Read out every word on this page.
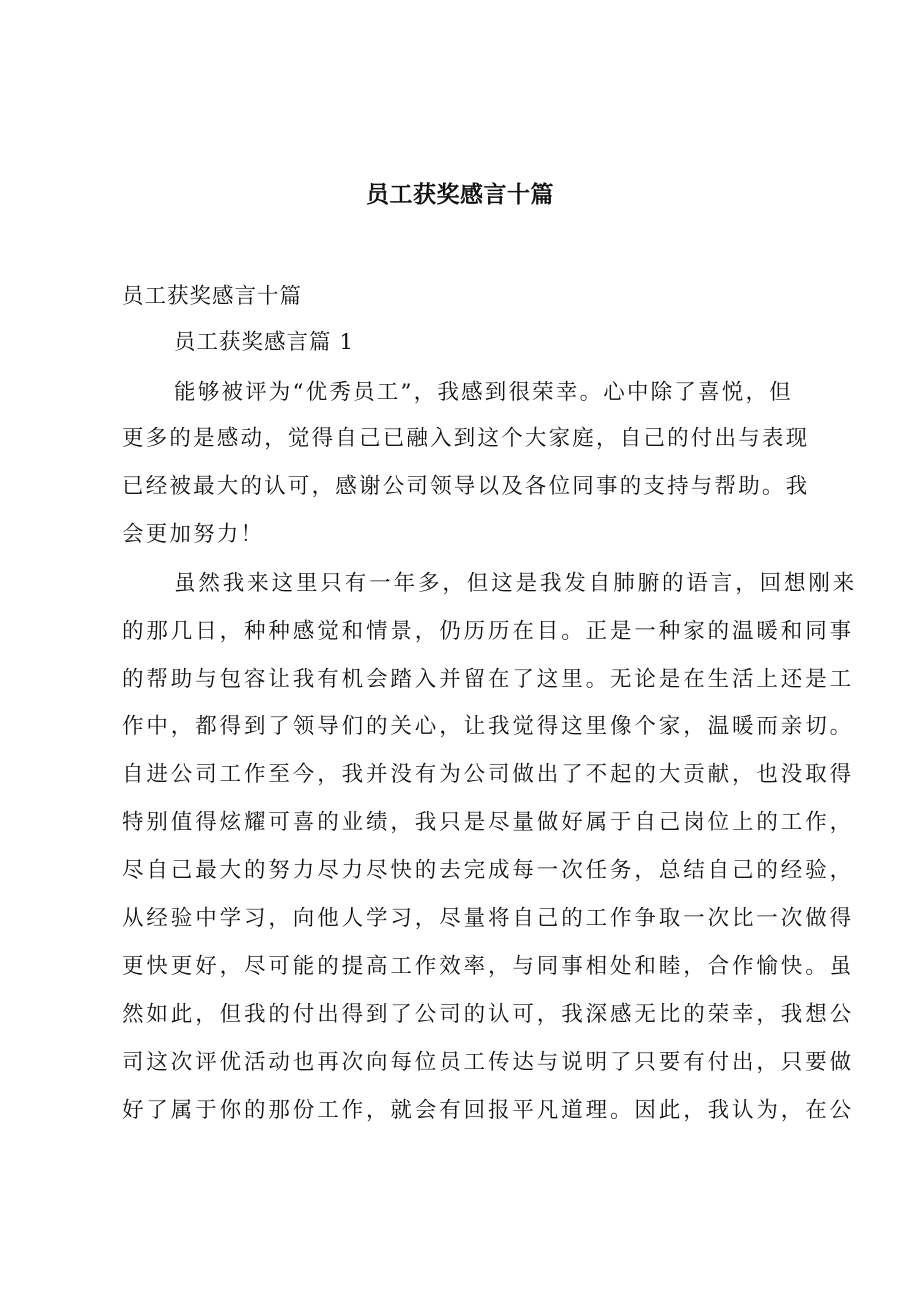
员工获奖感言十篇

员工获奖感言十篇

员工获奖感言篇 1

能够被评为“优秀员工”，我感到很荣幸。心中除了喜悦，但

更多的是感动，觉得自己已融入到这个大家庭，自己的付出与表现

已经被最大的认可，感谢公司领导以及各位同事的支持与帮助。我

会更加努力！

虽然我来这里只有一年多，但这是我发自肺腑的语言，回想刚来

的那几日，种种感觉和情景，仍历历在目。正是一种家的温暖和同事

的帮助与包容让我有机会踏入并留在了这里。无论是在生活上还是工

作中，都得到了领导们的关心，让我觉得这里像个家，温暖而亲切。

自进公司工作至今，我并没有为公司做出了不起的大贡献，也没取得

特别值得炫耀可喜的业绩，我只是尽量做好属于自己岗位上的工作，

尽自己最大的努力尽力尽快的去完成每一次任务，总结自己的经验，

从经验中学习，向他人学习，尽量将自己的工作争取一次比一次做得

更快更好，尽可能的提高工作效率，与同事相处和睦，合作愉快。虽

然如此，但我的付出得到了公司的认可，我深感无比的荣幸，我想公

司这次评优活动也再次向每位员工传达与说明了只要有付出，只要做

好了属于你的那份工作，就会有回报平凡道理。因此，我认为，在公
